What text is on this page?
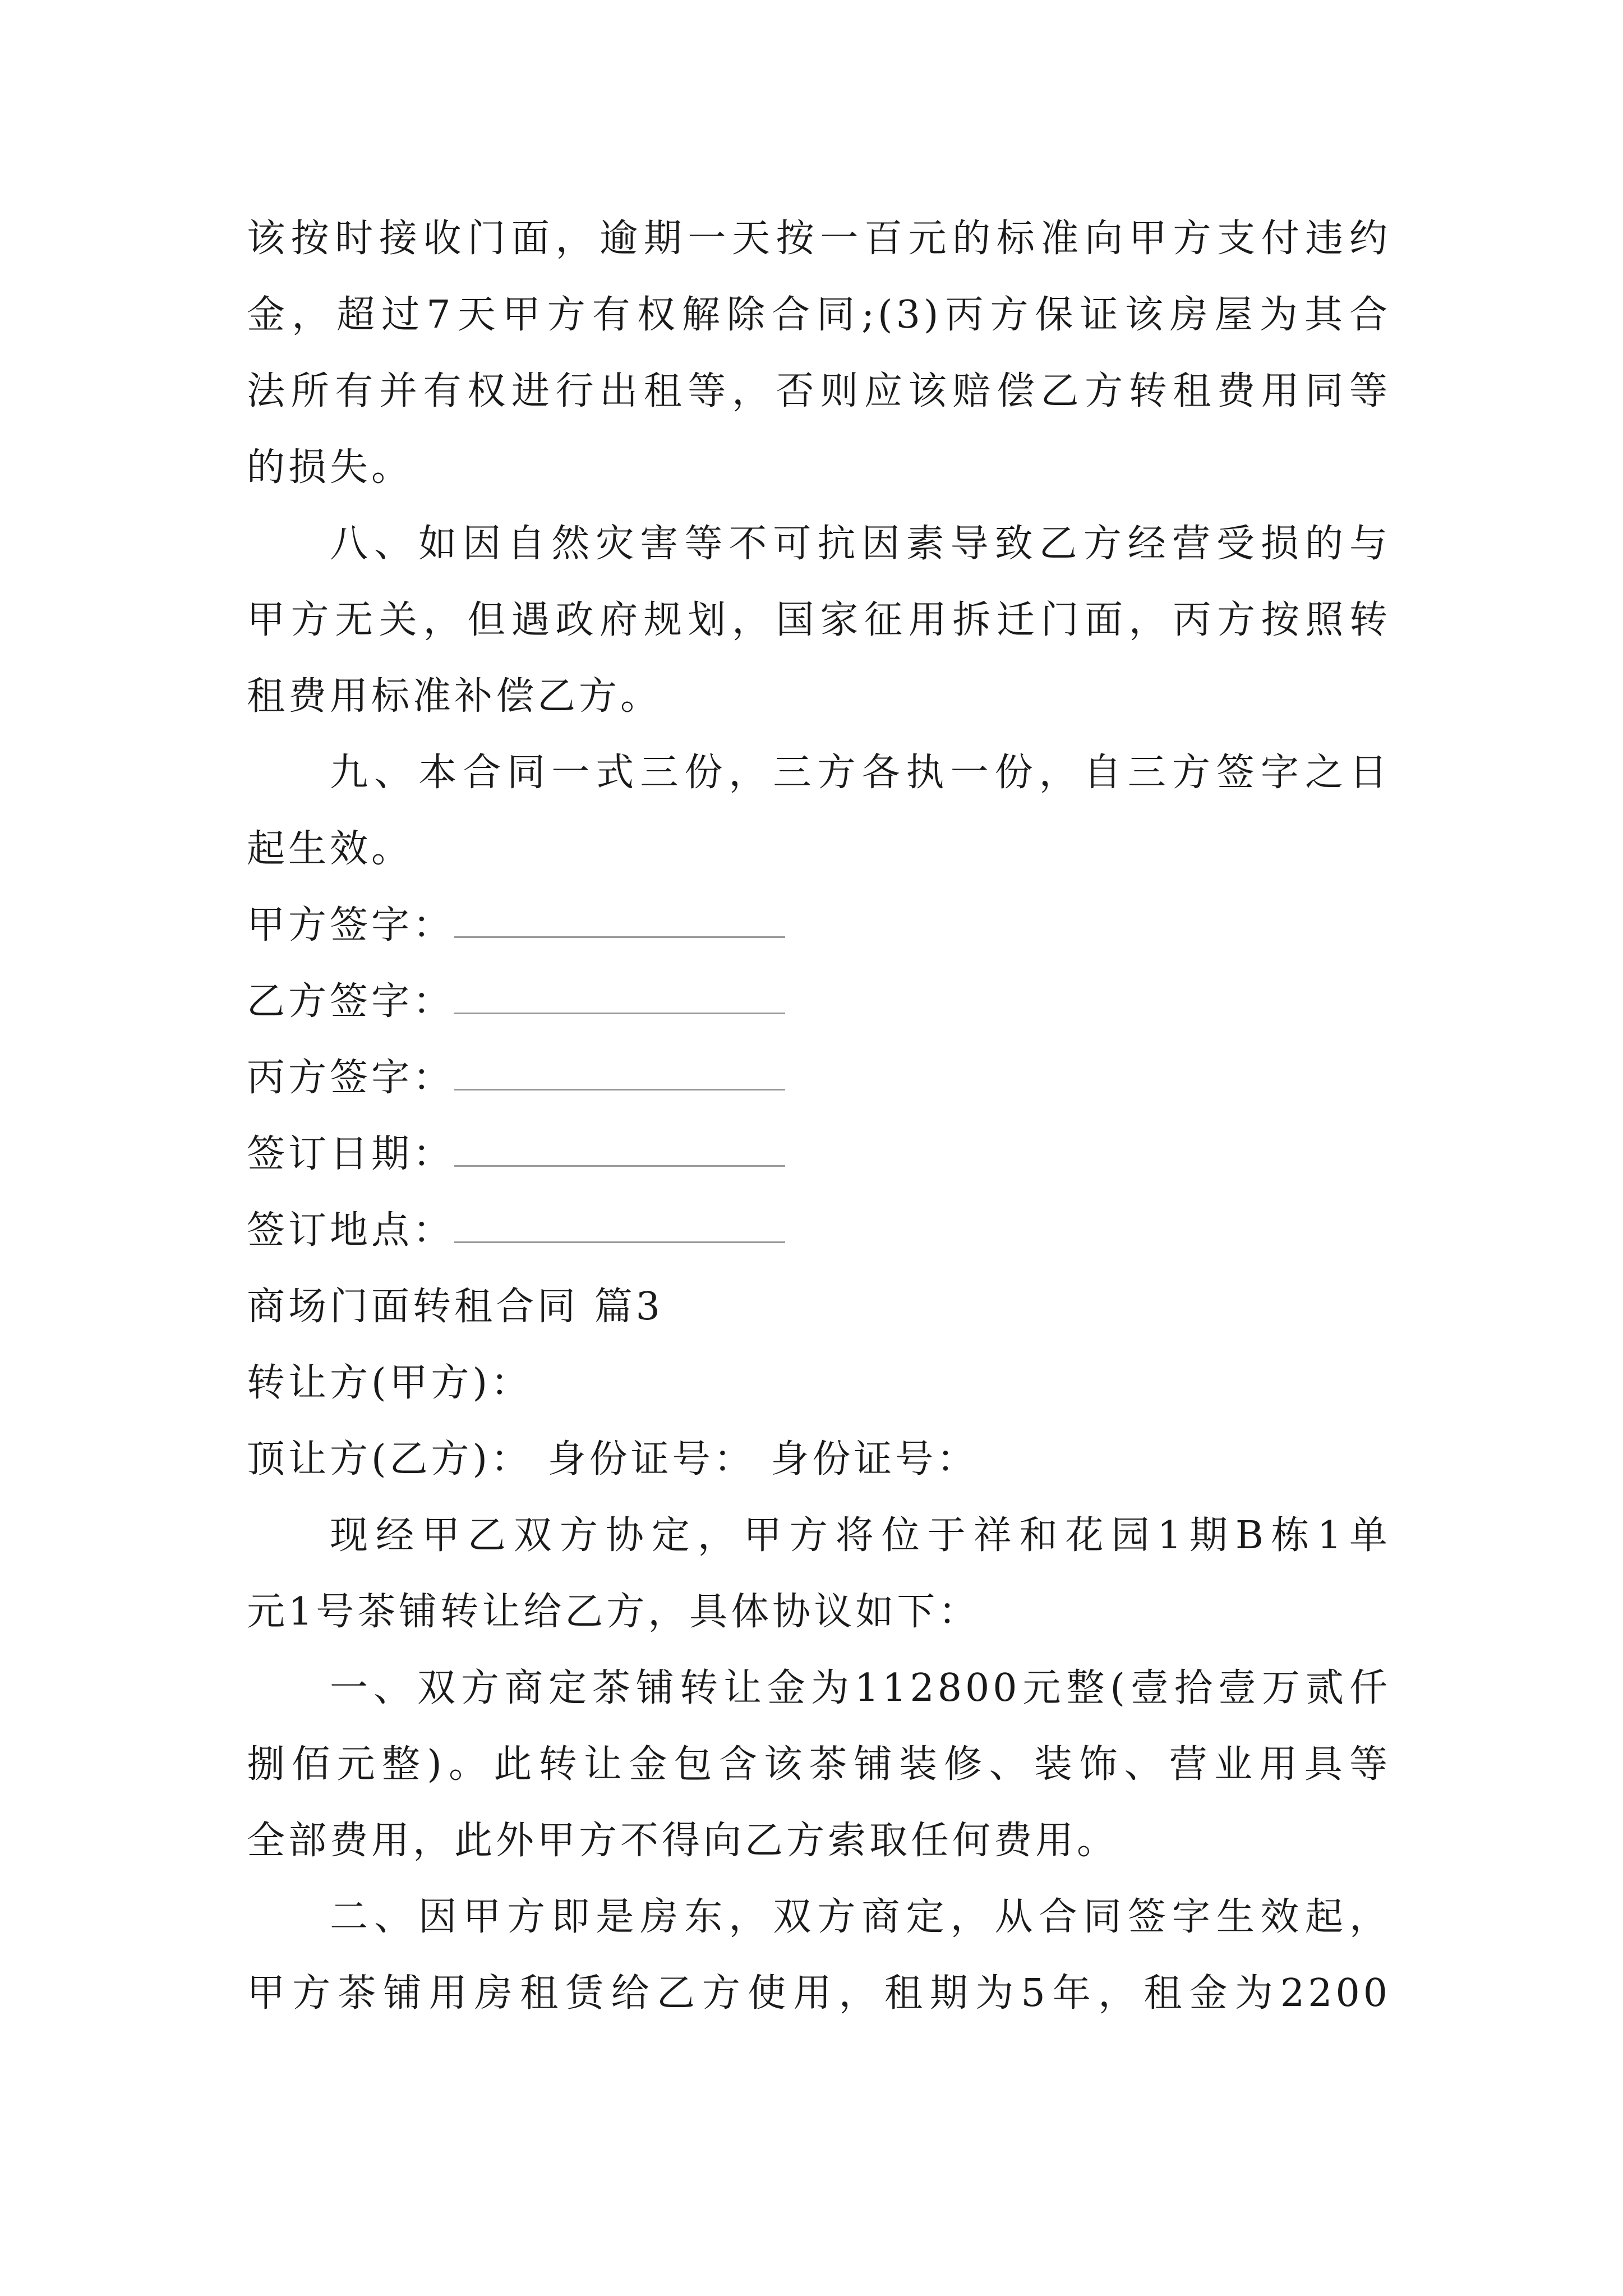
该按时接收门面，逾期一天按一百元的标准向甲方支付违约

金，超过7天甲方有权解除合同;(3)丙方保证该房屋为其合

法所有并有权进行出租等，否则应该赔偿乙方转租费用同等

的损失。

八、如因自然灾害等不可抗因素导致乙方经营受损的与

甲方无关，但遇政府规划，国家征用拆迁门面，丙方按照转

租费用标准补偿乙方。

九、本合同一式三份，三方各执一份，自三方签字之日

起生效。

甲方签字：

乙方签字：

丙方签字：

签订日期：

签订地点：

商场门面转租合同 篇3

转让方(甲方)：

顶让方(乙方)： 身份证号： 身份证号：

现经甲乙双方协定，甲方将位于祥和花园1期B栋1单

元1号茶铺转让给乙方，具体协议如下：

一、双方商定茶铺转让金为112800元整(壹拾壹万贰仟

捌佰元整)。此转让金包含该茶铺装修、装饰、营业用具等

全部费用，此外甲方不得向乙方索取任何费用。

二、因甲方即是房东，双方商定，从合同签字生效起，

甲方茶铺用房租赁给乙方使用，租期为5年，租金为2200
